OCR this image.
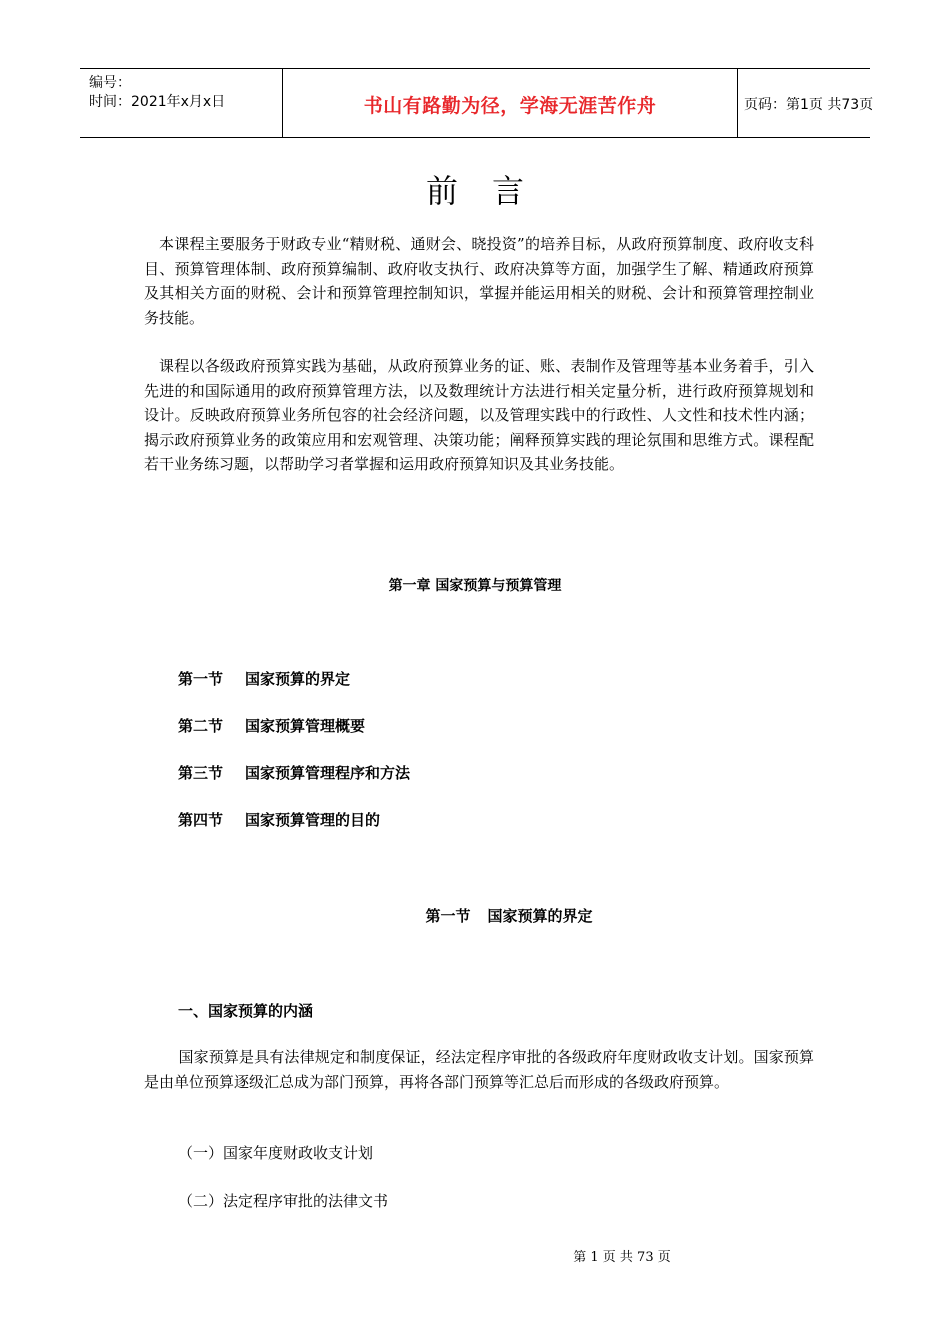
编号：
时间：2021年x月x日	书山有路勤为径，学海无涯苦作舟	页码：第1页 共73页
前言

本课程主要服务于财政专业“精财税、通财会、晓投资”的培养目标，从政府预算制度、政府收支科目、预算管理体制、政府预算编制、政府收支执行、政府决算等方面，加强学生了解、精通政府预算及其相关方面的财税、会计和预算管理控制知识，掌握并能运用相关的财税、会计和预算管理控制业务技能。

课程以各级政府预算实践为基础，从政府预算业务的证、账、表制作及管理等基本业务着手，引入先进的和国际通用的政府预算管理方法，以及数理统计方法进行相关定量分析，进行政府预算规划和设计。反映政府预算业务所包容的社会经济问题，以及管理实践中的行政性、人文性和技术性内涵；揭示政府预算业务的政策应用和宏观管理、决策功能；阐释预算实践的理论氛围和思维方式。课程配若干业务练习题，以帮助学习者掌握和运用政府预算知识及其业务技能。

第一章 国家预算与预算管理
第一节 国家预算的界定
第二节 国家预算管理概要
第三节 国家预算管理程序和方法
第四节 国家预算管理的目的
第一节 国家预算的界定
一、国家预算的内涵

国家预算是具有法律规定和制度保证，经法定程序审批的各级政府年度财政收支计划。国家预算是由单位预算逐级汇总成为部门预算，再将各部门预算等汇总后而形成的各级政府预算。

（一）国家年度财政收支计划
（二）法定程序审批的法律文书
第 1 页 共 73 页
